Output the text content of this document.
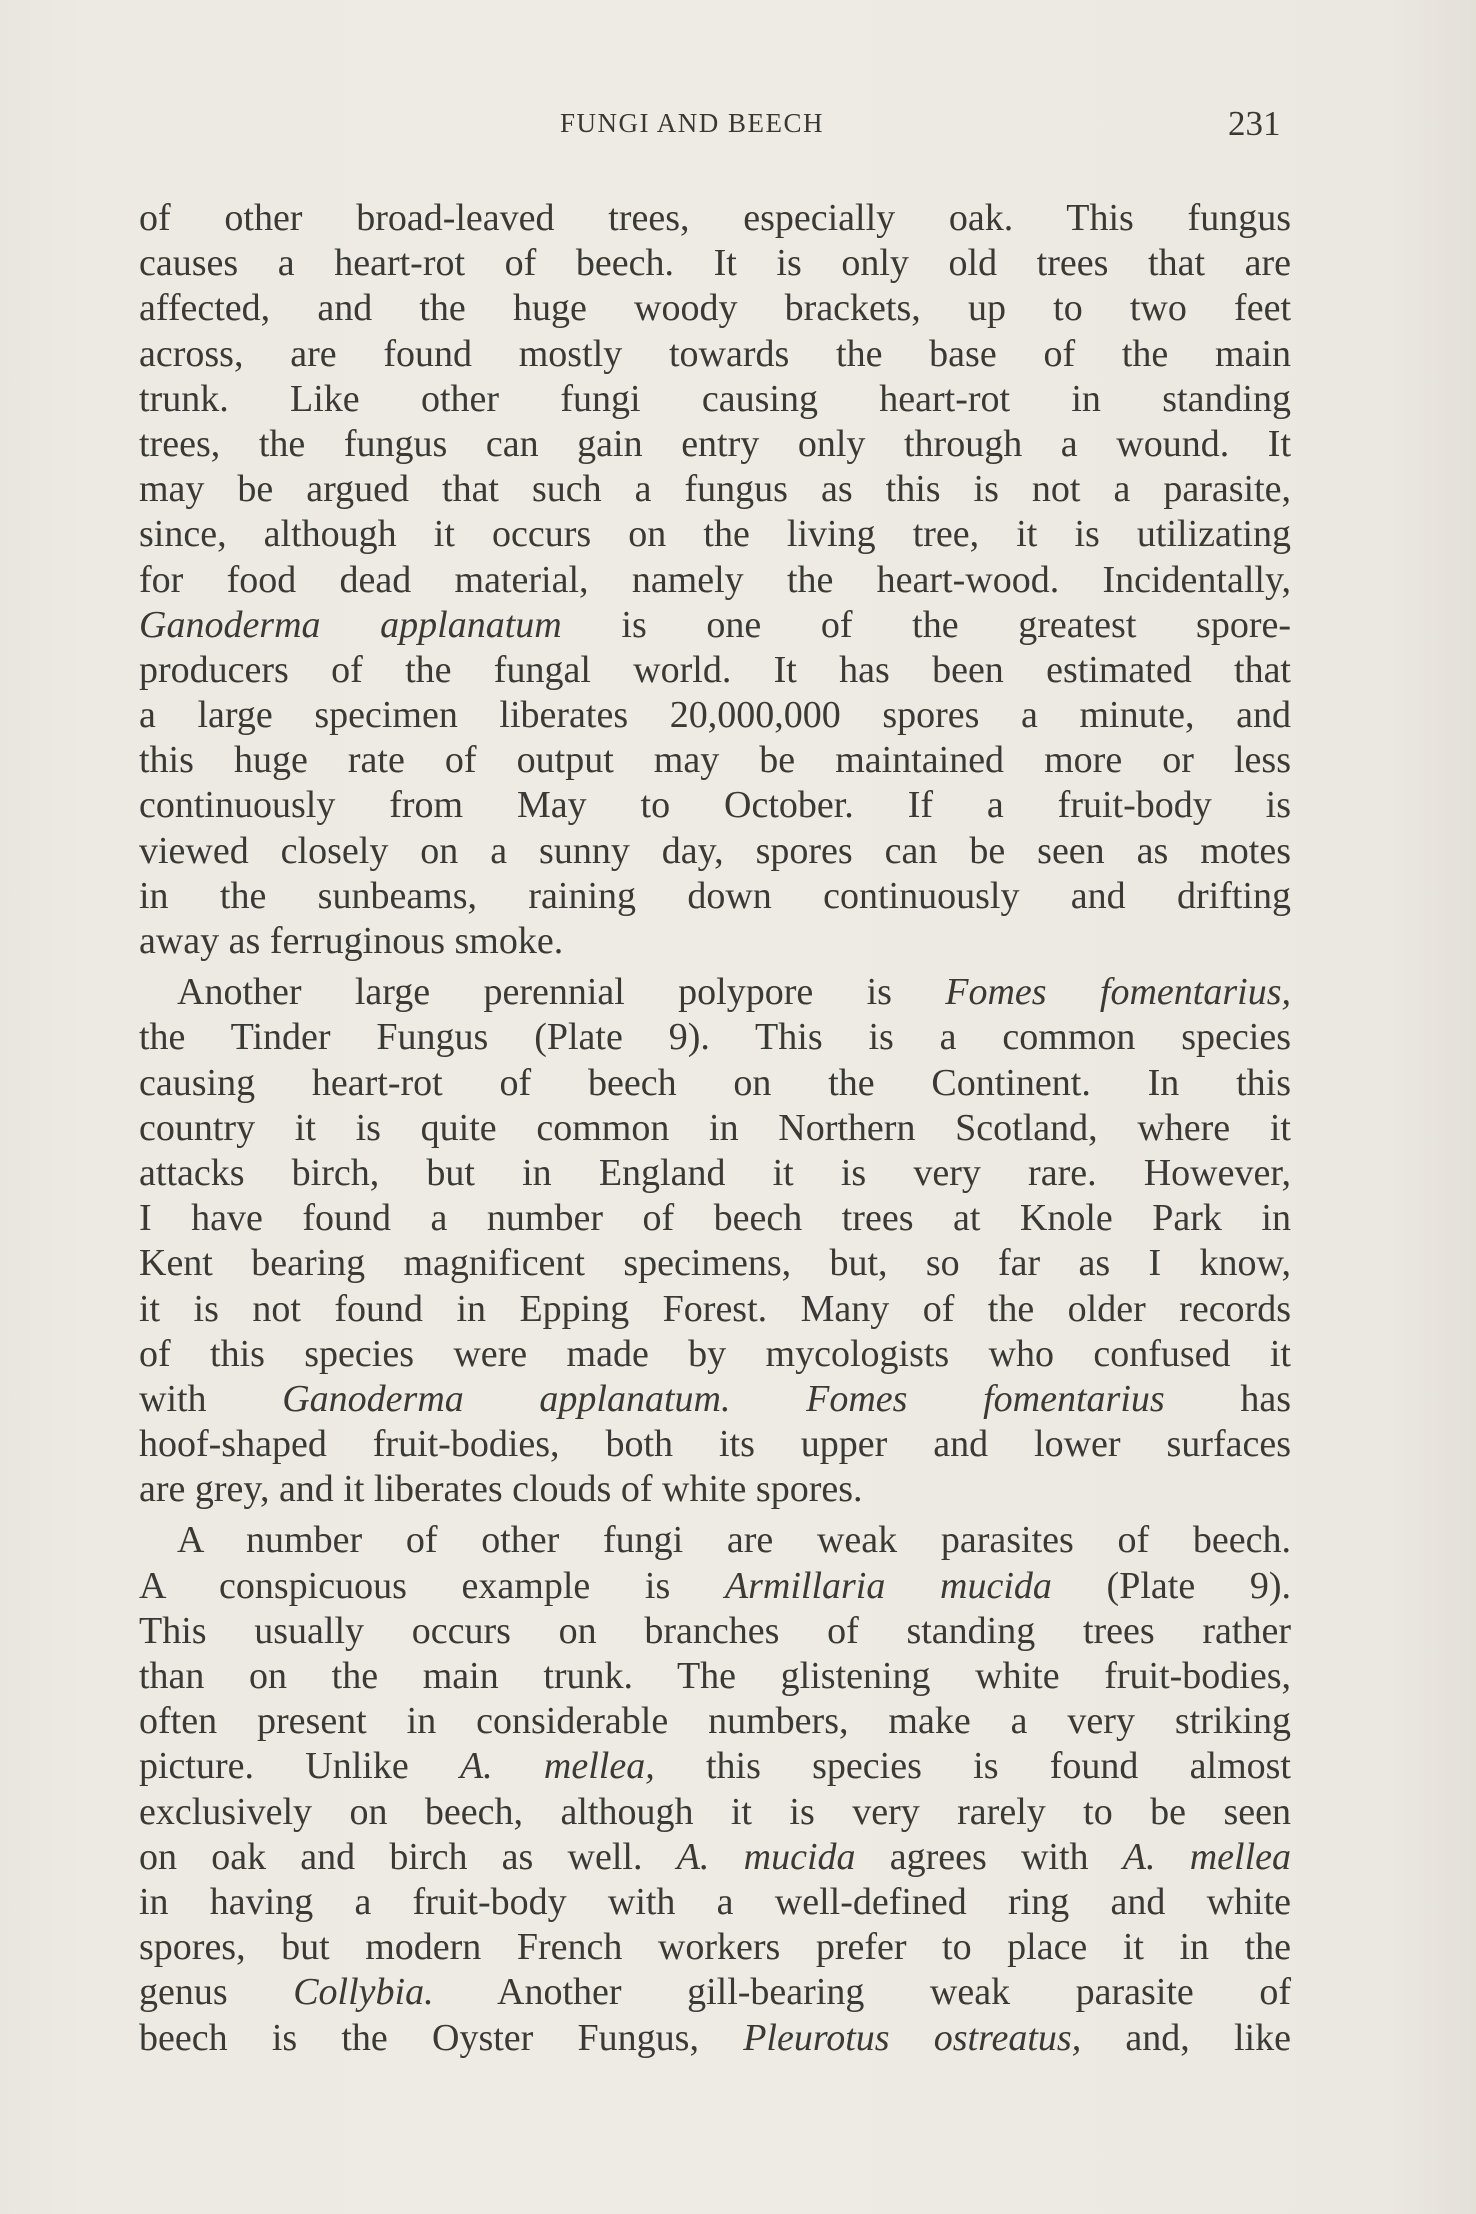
FUNGI AND BEECH	231
of other broad-leaved trees, especially oak. This fungus
causes a heart-rot of beech. It is only old trees that are
affected, and the huge woody brackets, up to two feet
across, are found mostly towards the base of the main
trunk. Like other fungi causing heart-rot in standing
trees, the fungus can gain entry only through a wound. It
may be argued that such a fungus as this is not a parasite,
since, although it occurs on the living tree, it is utilizating
for food dead material, namely the heart-wood. Incidentally,
Ganoderma applanatum is one of the greatest spore-
producers of the fungal world. It has been estimated that
a large specimen liberates 20,000,000 spores a minute, and
this huge rate of output may be maintained more or less
continuously from May to October. If a fruit-body is
viewed closely on a sunny day, spores can be seen as motes
in the sunbeams, raining down continuously and drifting
away as ferruginous smoke.
Another large perennial polypore is Fomes fomentarius,
the Tinder Fungus (Plate 9). This is a common species
causing heart-rot of beech on the Continent. In this
country it is quite common in Northern Scotland, where it
attacks birch, but in England it is very rare. However,
I have found a number of beech trees at Knole Park in
Kent bearing magnificent specimens, but, so far as I know,
it is not found in Epping Forest. Many of the older records
of this species were made by mycologists who confused it
with Ganoderma applanatum. Fomes fomentarius has
hoof-shaped fruit-bodies, both its upper and lower surfaces
are grey, and it liberates clouds of white spores.
A number of other fungi are weak parasites of beech.
A conspicuous example is Armillaria mucida (Plate 9).
This usually occurs on branches of standing trees rather
than on the main trunk. The glistening white fruit-bodies,
often present in considerable numbers, make a very striking
picture. Unlike A. mellea, this species is found almost
exclusively on beech, although it is very rarely to be seen
on oak and birch as well. A. mucida agrees with A. mellea
in having a fruit-body with a well-defined ring and white
spores, but modern French workers prefer to place it in the
genus Collybia. Another gill-bearing weak parasite of
beech is the Oyster Fungus, Pleurotus ostreatus, and, like
